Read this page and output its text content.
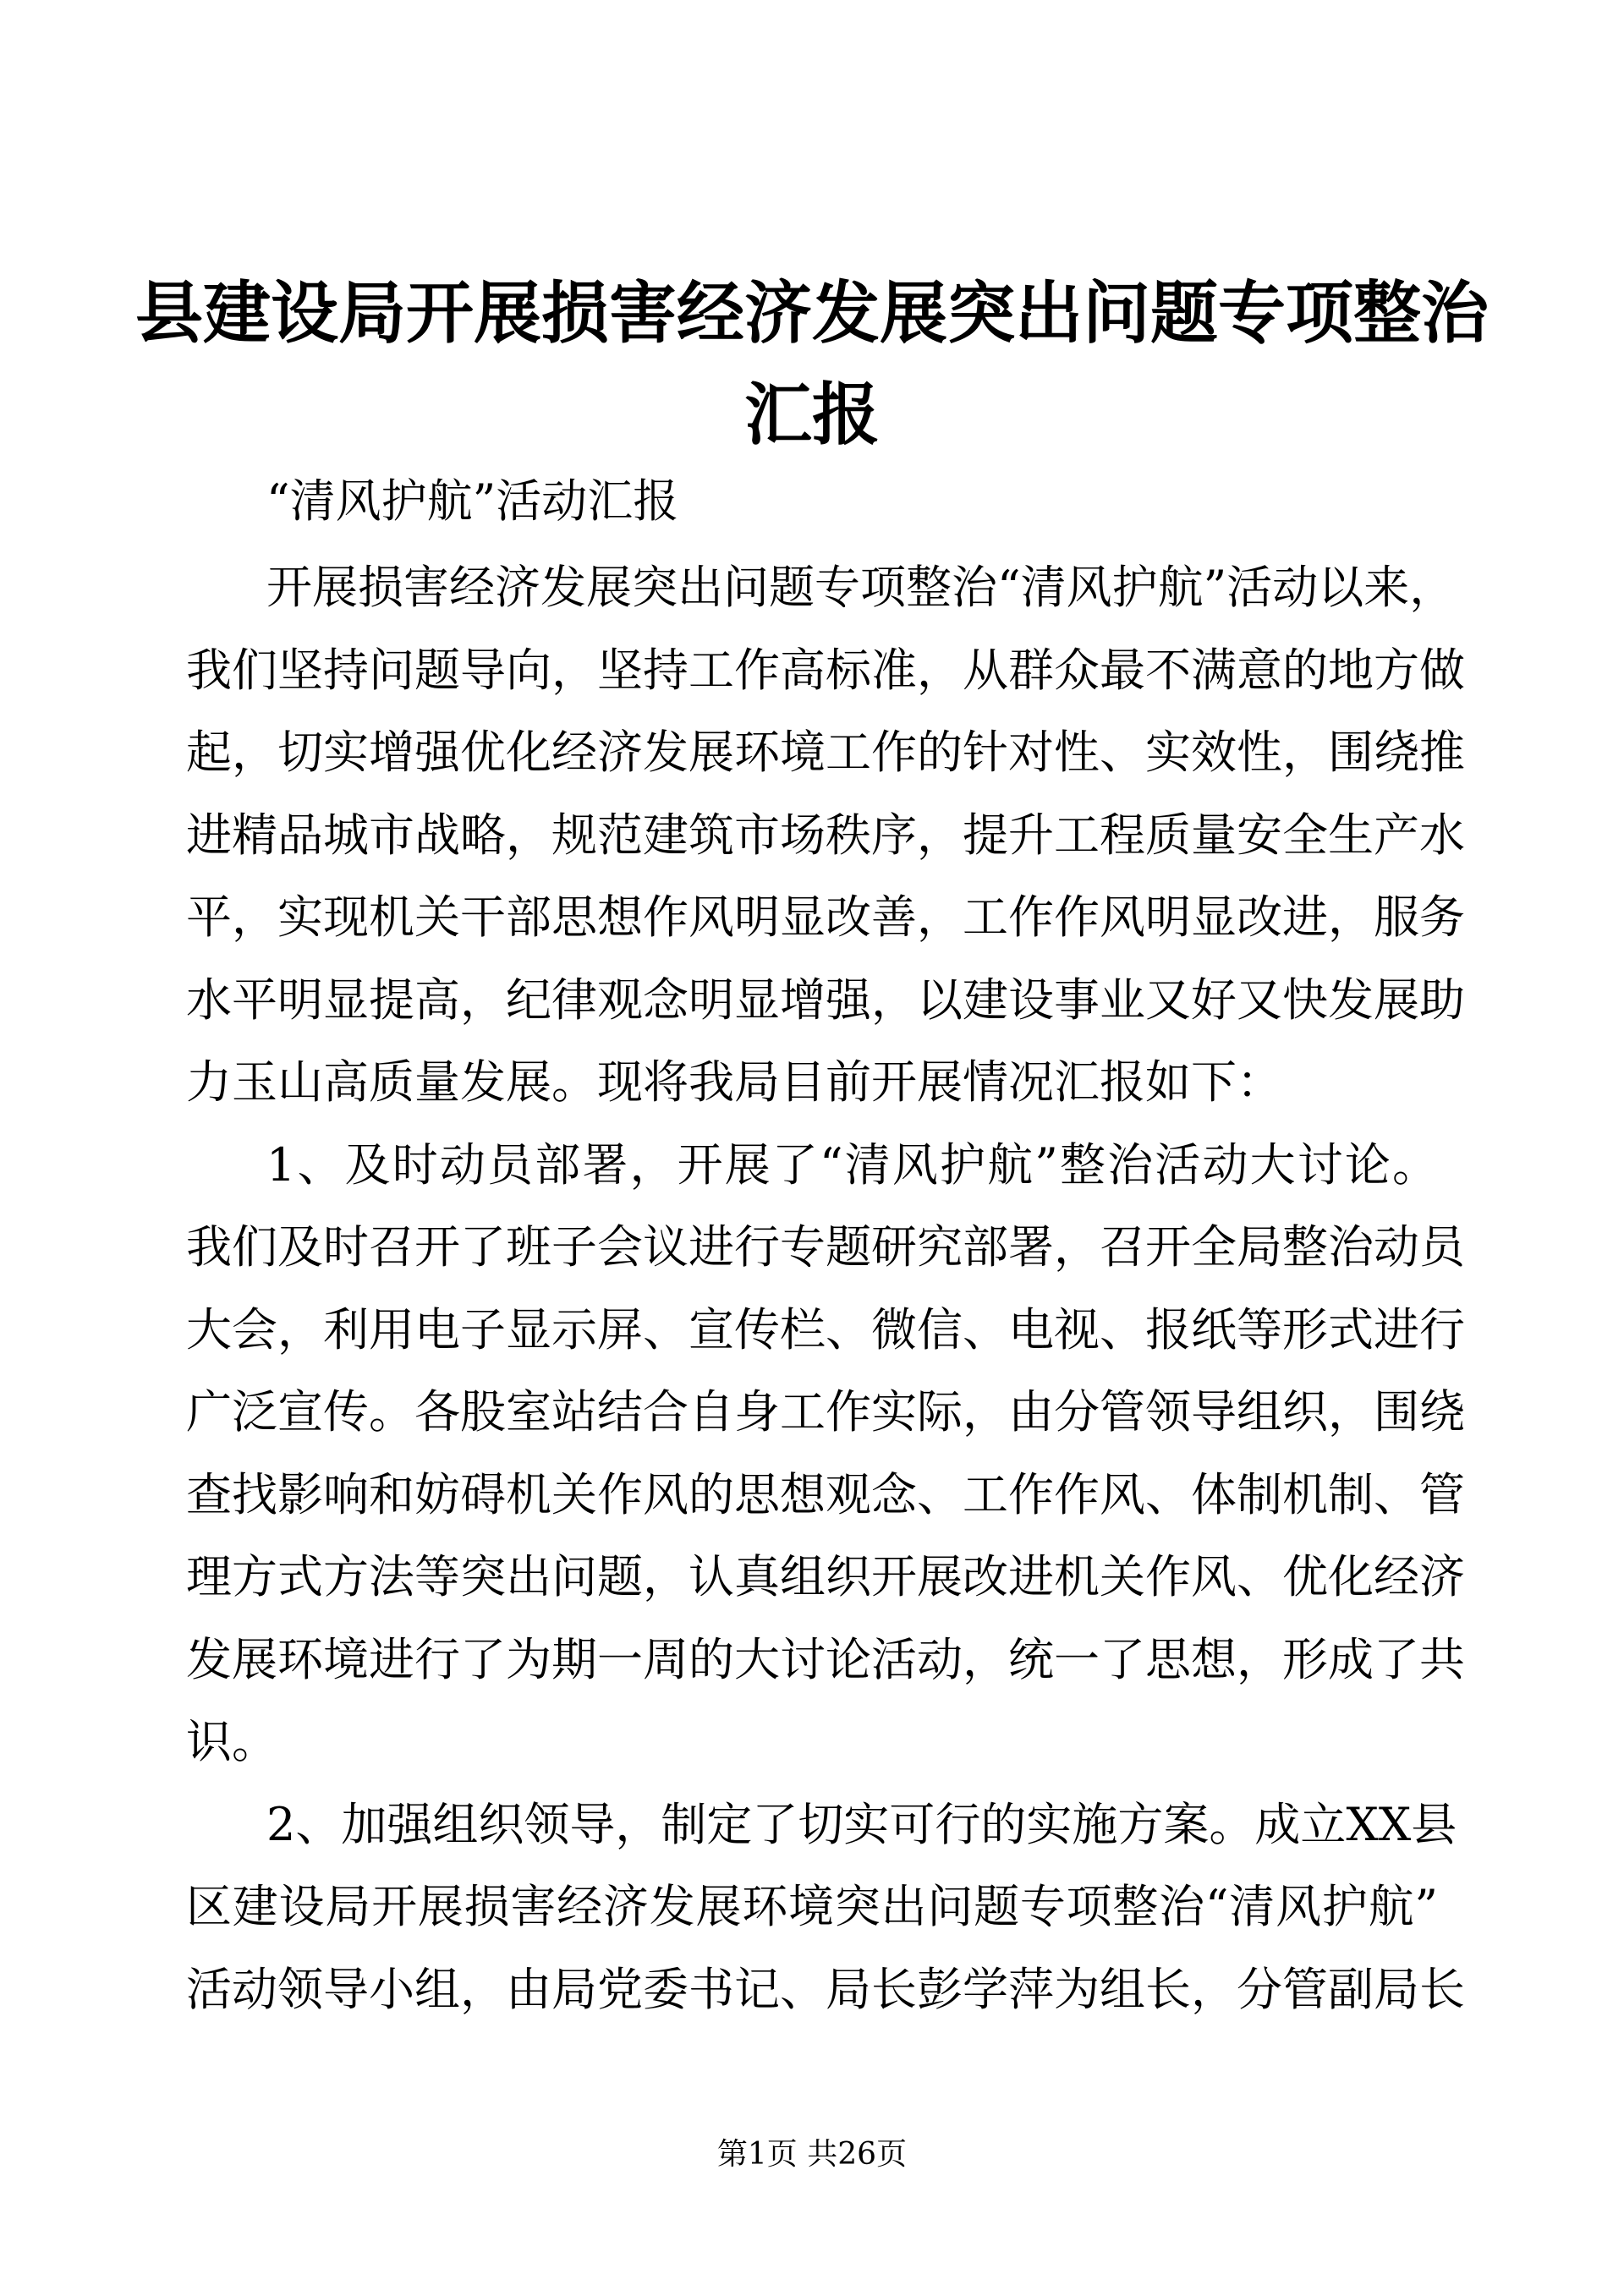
县建设局开展损害经济发展突出问题专项整治
汇报
“清风护航”活动汇报
开展损害经济发展突出问题专项整治“清风护航”活动以来，
我们坚持问题导向，坚持工作高标准，从群众最不满意的地方做
起，切实增强优化经济发展环境工作的针对性、实效性，围绕推
进精品城市战略，规范建筑市场秩序，提升工程质量安全生产水
平，实现机关干部思想作风明显改善，工作作风明显改进，服务
水平明显提高，纪律观念明显增强，以建设事业又好又快发展助
力玉山高质量发展。现将我局目前开展情况汇报如下：
1、及时动员部署，开展了“清风护航”整治活动大讨论。
我们及时召开了班子会议进行专题研究部署，召开全局整治动员
大会，利用电子显示屏、宣传栏、微信、电视、报纸等形式进行
广泛宣传。各股室站结合自身工作实际，由分管领导组织，围绕
查找影响和妨碍机关作风的思想观念、工作作风、体制机制、管
理方式方法等突出问题，认真组织开展改进机关作风、优化经济
发展环境进行了为期一周的大讨论活动，统一了思想，形成了共
识。
2、加强组织领导，制定了切实可行的实施方案。成立XX县
区建设局开展损害经济发展环境突出问题专项整治“清风护航”
活动领导小组，由局党委书记、局长彭学萍为组长，分管副局长
第1页 共26页
